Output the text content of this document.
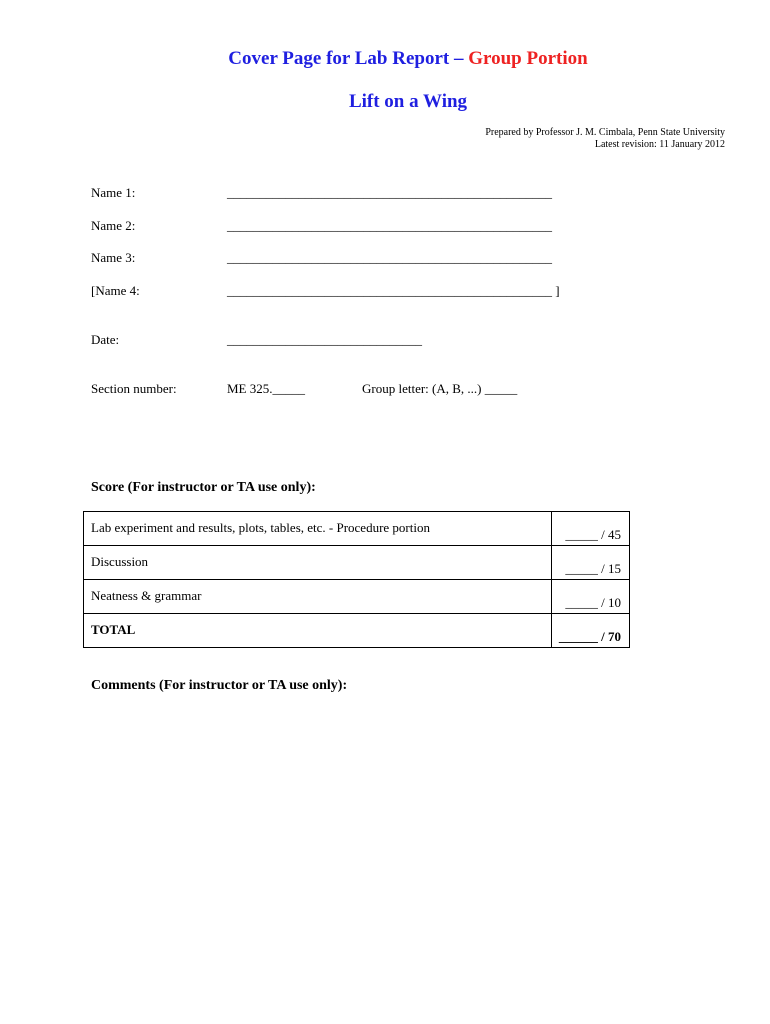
Cover Page for Lab Report – Group Portion
Lift on a Wing
Prepared by Professor J. M. Cimbala, Penn State University
Latest revision: 11 January 2012
Name 1:	__________________________________________________
Name 2:	__________________________________________________
Name 3:	__________________________________________________
[Name 4:	__________________________________________________ ]
Date:	______________________________
Section number:	ME 325._____	Group letter: (A, B, ...) _____
Score (For instructor or TA use only):
Lab experiment and results, plots, tables, etc. - Procedure portion	_____ / 45
Discussion	_____ / 15
Neatness & grammar	_____ / 10
TOTAL	______ / 70
Comments (For instructor or TA use only):
